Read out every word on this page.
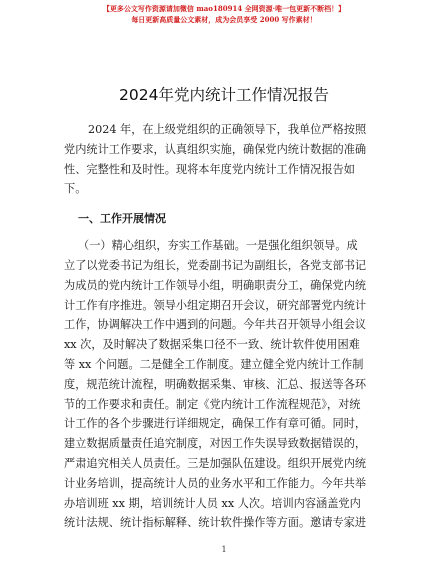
【更多公文写作资源请加微信 mao180914 全网资源·唯一包更新不断档！】
每日更新高质量公文素材，成为会员享受 2000 写作素材！
2024年党内统计工作情况报告

2024 年，在上级党组织的正确领导下，我单位严格按照
党内统计工作要求，认真组织实施，确保党内统计数据的准确
性、完整性和及时性。现将本年度党内统计工作情况报告如
下。

一、工作开展情况

（一）精心组织，夯实工作基础。一是强化组织领导。成
立了以党委书记为组长，党委副书记为副组长，各党支部书记
为成员的党内统计工作领导小组，明确职责分工，确保党内统
计工作有序推进。领导小组定期召开会议，研究部署党内统计
工作，协调解决工作中遇到的问题。今年共召开领导小组会议
xx 次，及时解决了数据采集口径不一致、统计软件使用困难
等 xx 个问题。二是健全工作制度。建立健全党内统计工作制
度，规范统计流程，明确数据采集、审核、汇总、报送等各环
节的工作要求和责任。制定《党内统计工作流程规范》，对统
计工作的各个步骤进行详细规定，确保工作有章可循。同时，
建立数据质量责任追究制度，对因工作失误导致数据错误的，
严肃追究相关人员责任。三是加强队伍建设。组织开展党内统
计业务培训，提高统计人员的业务水平和工作能力。今年共举
办培训班 xx 期，培训统计人员 xx 人次。培训内容涵盖党内
统计法规、统计指标解释、统计软件操作等方面。邀请专家进

1
